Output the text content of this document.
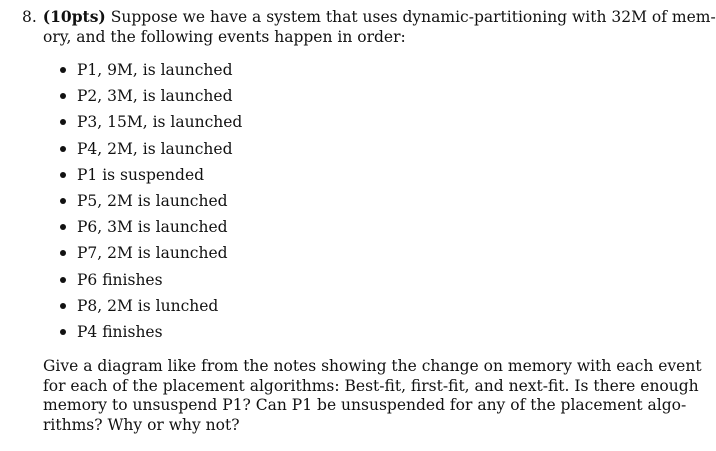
8. (10pts) Suppose we have a system that uses dynamic-partitioning with 32M of mem-
ory, and the following events happen in order:
P1, 9M, is launched
P2, 3M, is launched
P3, 15M, is launched
P4, 2M, is launched
P1 is suspended
P5, 2M is launched
P6, 3M is launched
P7, 2M is launched
P6 finishes
P8, 2M is lunched
P4 finishes
Give a diagram like from the notes showing the change on memory with each event
for each of the placement algorithms: Best-fit, first-fit, and next-fit. Is there enough
memory to unsuspend P1? Can P1 be unsuspended for any of the placement algo-
rithms? Why or why not?
